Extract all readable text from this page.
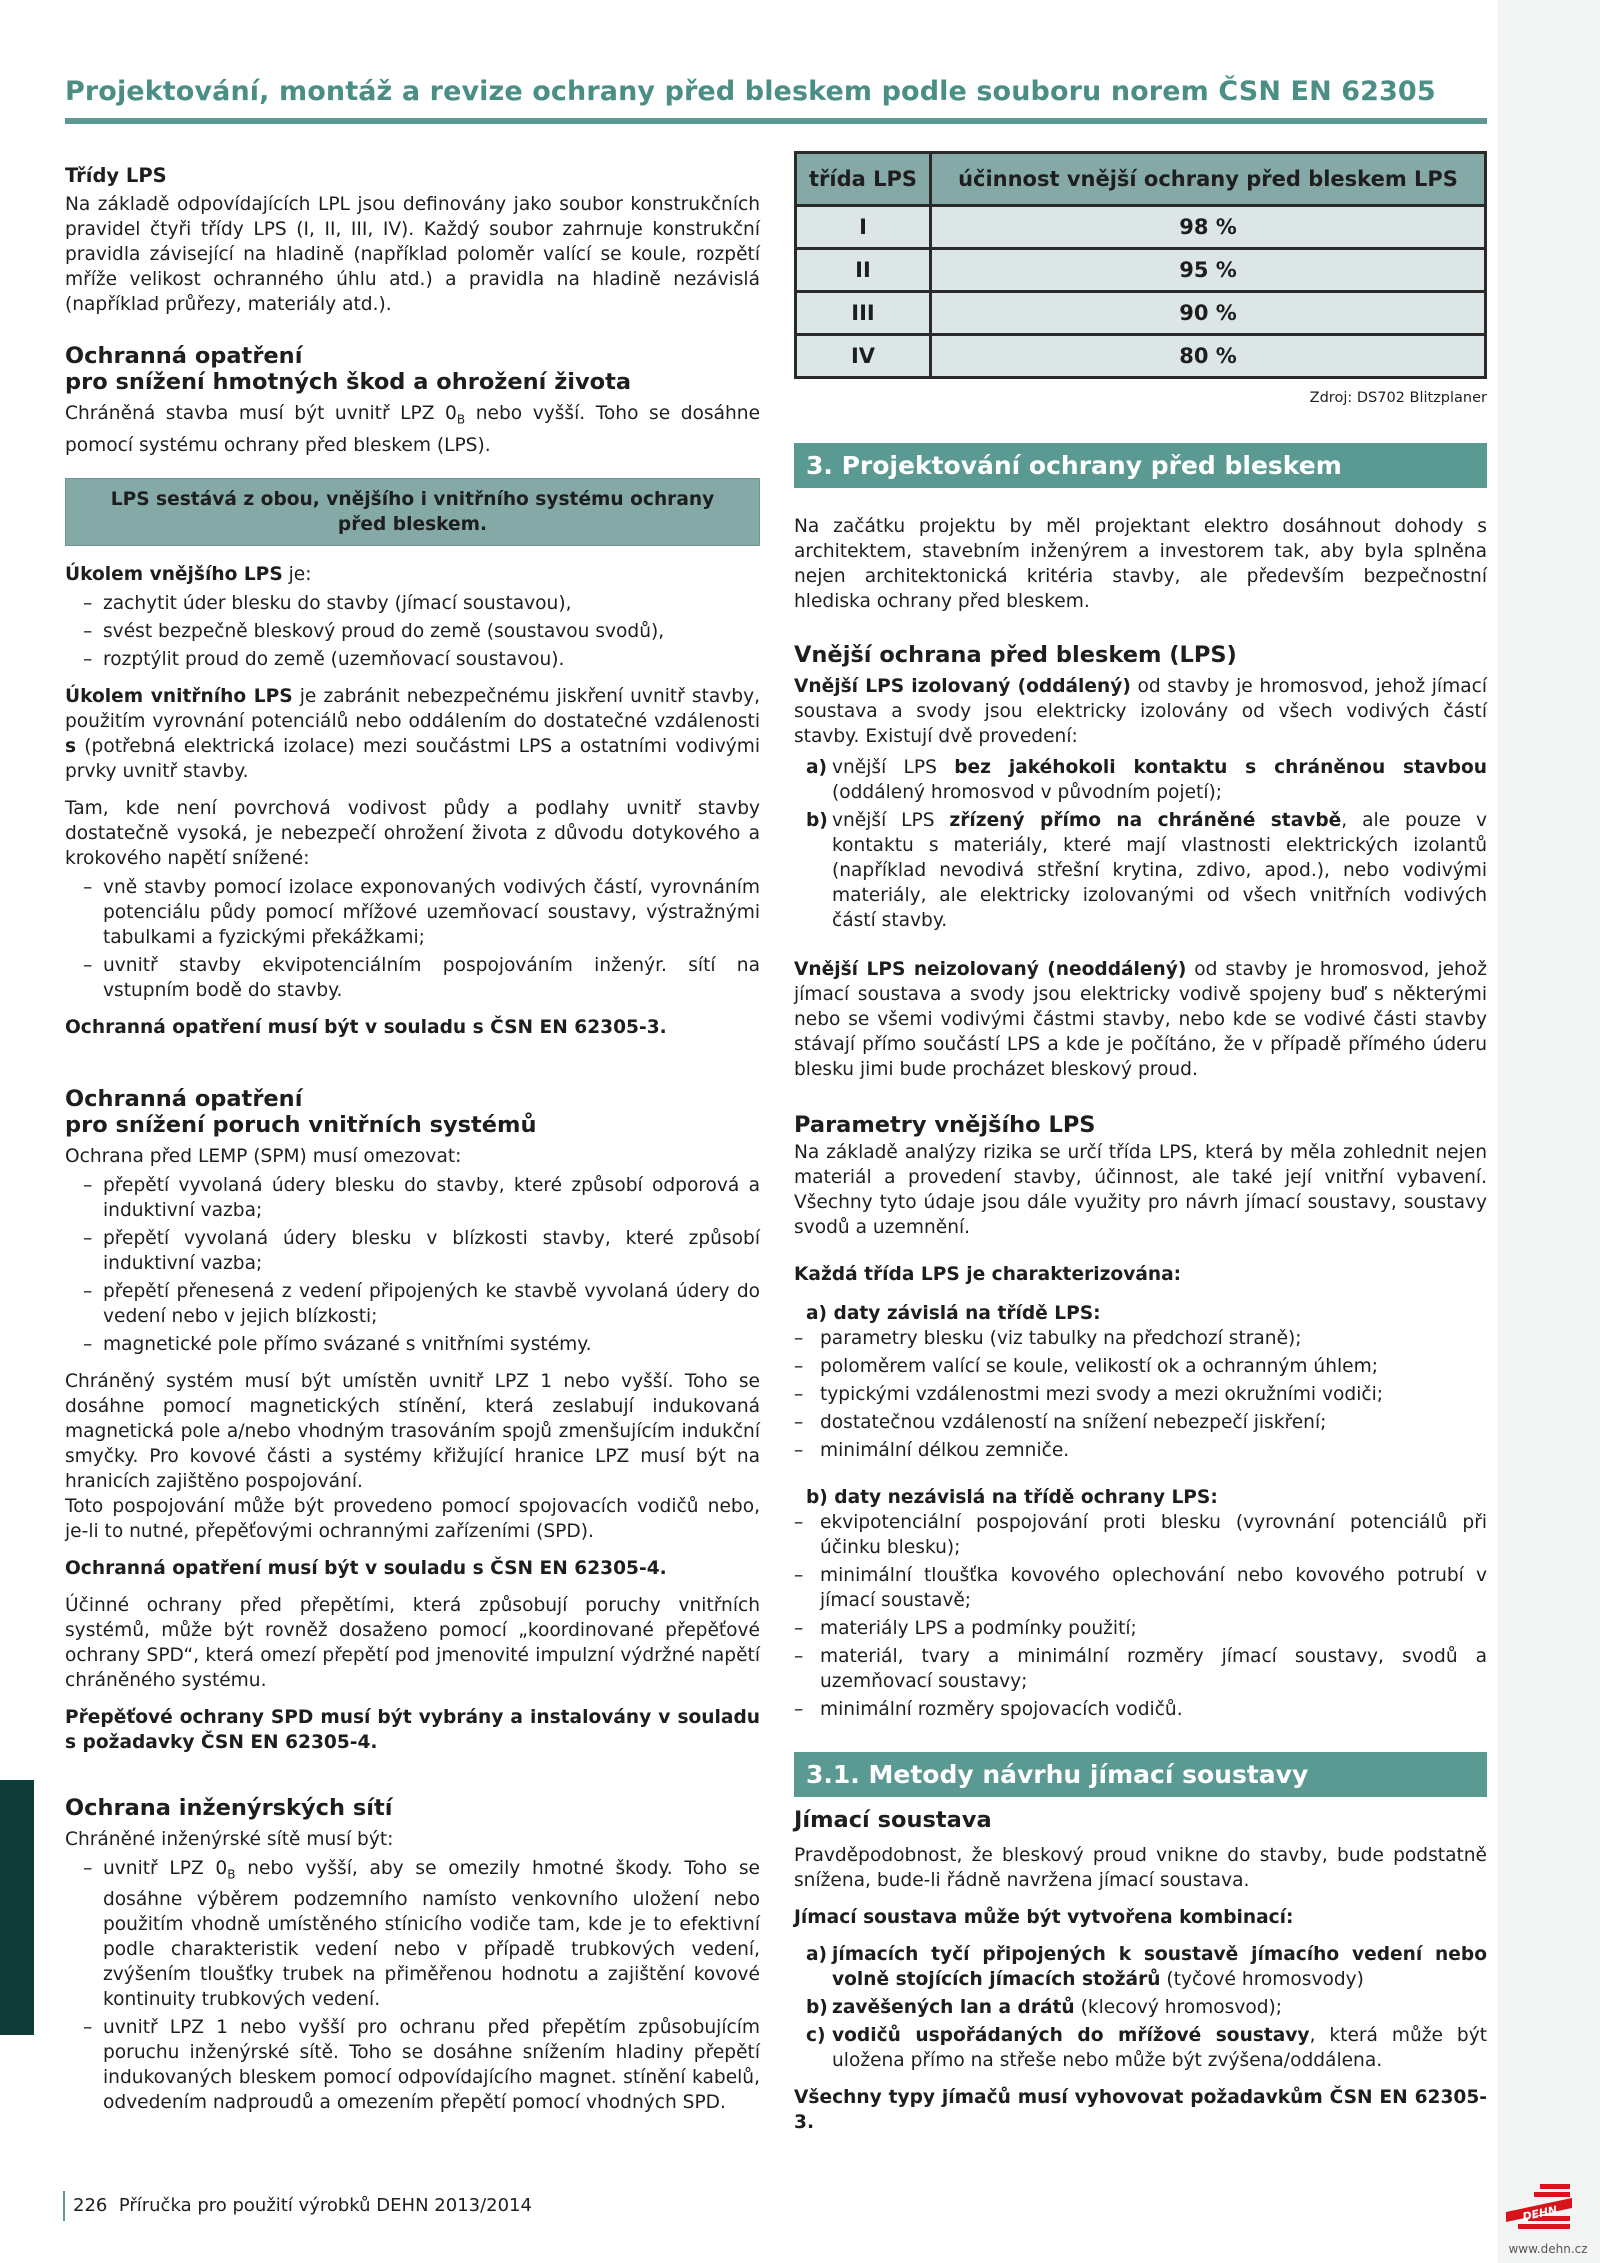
Projektování, montáž a revize ochrany před bleskem podle souboru norem ČSN EN 62305
Třídy LPS

Na základě odpovídajících LPL jsou definovány jako soubor konstrukčních pravidel čtyři třídy LPS (I, II, III, IV). Každý soubor zahrnuje konstrukční pravidla závisející na hladině (například poloměr valící se koule, rozpětí mříže velikost ochranného úhlu atd.) a pravidla na hladině nezávislá (například průřezy, materiály atd.).

Ochranná opatření
pro snížení hmotných škod a ohrožení života

Chráněná stavba musí být uvnitř LPZ $0_B$ nebo vyšší. Toho se dosáhne pomocí systému ochrany před bleskem (LPS).

LPS sestává z obou, vnějšího i vnitřního systému ochrany před bleskem.

Úkolem vnějšího LPS je:

– zachytit úder blesku do stavby (jímací soustavou),
– svést bezpečně bleskový proud do země (soustavou svodů),
– rozptýlit proud do země (uzemňovací soustavou).

Úkolem vnitřního LPS je zabránit nebezpečnému jiskření uvnitř stavby, použitím vyrovnání potenciálů nebo oddálením do dostatečné vzdálenosti s (potřebná elektrická izolace) mezi součástmi LPS a ostatními vodivými prvky uvnitř stavby.

Tam, kde není povrchová vodivost půdy a podlahy uvnitř stavby dostatečně vysoká, je nebezpečí ohrožení života z důvodu dotykového a krokového napětí snížené:

– vně stavby pomocí izolace exponovaných vodivých částí, vyrovnáním potenciálu půdy pomocí mřížové uzemňovací soustavy, výstražnými tabulkami a fyzickými překážkami;
– uvnitř stavby ekvipotenciálním pospojováním inženýr. sítí na vstupním bodě do stavby.

Ochranná opatření musí být v souladu s ČSN EN 62305-3.

Ochranná opatření
pro snížení poruch vnitřních systémů

Ochrana před LEMP (SPM) musí omezovat:

– přepětí vyvolaná údery blesku do stavby, které způsobí odporová a induktivní vazba;
– přepětí vyvolaná údery blesku v blízkosti stavby, které způsobí induktivní vazba;
– přepětí přenesená z vedení připojených ke stavbě vyvolaná údery do vedení nebo v jejich blízkosti;
– magnetické pole přímo svázané s vnitřními systémy.

Chráněný systém musí být umístěn uvnitř LPZ 1 nebo vyšší. Toho se dosáhne pomocí magnetických stínění, která zeslabují indukovaná magnetická pole a/nebo vhodným trasováním spojů zmenšujícím indukční smyčky. Pro kovové části a systémy křižující hranice LPZ musí být na hranicích zajištěno pospojování.

Toto pospojování může být provedeno pomocí spojovacích vodičů nebo, je-li to nutné, přepěťovými ochrannými zařízeními (SPD).

Ochranná opatření musí být v souladu s ČSN EN 62305-4.

Účinné ochrany před přepětími, která způsobují poruchy vnitřních systémů, může být rovněž dosaženo pomocí „koordinované přepěťové ochrany SPD“, která omezí přepětí pod jmenovité impulzní výdržné napětí chráněného systému.

Přepěťové ochrany SPD musí být vybrány a instalovány v souladu s požadavky ČSN EN 62305-4.

Ochrana inženýrských sítí

Chráněné inženýrské sítě musí být:

– uvnitř LPZ $0_B$ nebo vyšší, aby se omezily hmotné škody. Toho se dosáhne výběrem podzemního namísto venkovního uložení nebo použitím vhodně umístěného stínicího vodiče tam, kde je to efektivní podle charakteristik vedení nebo v případě trubkových vedení, zvýšením tloušťky trubek na přiměřenou hodnotu a zajištění kovové kontinuity trubkových vedení.
– uvnitř LPZ 1 nebo vyšší pro ochranu před přepětím způsobujícím poruchu inženýrské sítě. Toho se dosáhne snížením hladiny přepětí indukovaných bleskem pomocí odpovídajícího magnet. stínění kabelů, odvedením nadproudů a omezením přepětí pomocí vhodných SPD.
třída LPS	účinnost vnější ochrany před bleskem LPS
I	98 %
II	95 %
III	90 %
IV	80 %
Zdroj: DS702 Blitzplaner
3. Projektování ochrany před bleskem

Na začátku projektu by měl projektant elektro dosáhnout dohody s architektem, stavebním inženýrem a investorem tak, aby byla splněna nejen architektonická kritéria stavby, ale především bezpečnostní hlediska ochrany před bleskem.

Vnější ochrana před bleskem (LPS)

Vnější LPS izolovaný (oddálený) od stavby je hromosvod, jehož jímací soustava a svody jsou elektricky izolovány od všech vodivých částí stavby. Existují dvě provedení:

a) vnější LPS bez jakéhokoli kontaktu s chráněnou stavbou (oddálený hromosvod v původním pojetí);
b) vnější LPS zřízený přímo na chráněné stavbě, ale pouze v kontaktu s materiály, které mají vlastnosti elektrických izolantů (například nevodivá střešní krytina, zdivo, apod.), nebo vodivými materiály, ale elektricky izolovanými od všech vnitřních vodivých částí stavby.

Vnější LPS neizolovaný (neoddálený) od stavby je hromosvod, jehož jímací soustava a svody jsou elektricky vodivě spojeny buď s některými nebo se všemi vodivými částmi stavby, nebo kde se vodivé části stavby stávají přímo součástí LPS a kde je počítáno, že v případě přímého úderu blesku jimi bude procházet bleskový proud.

Parametry vnějšího LPS

Na základě analýzy rizika se určí třída LPS, která by měla zohlednit nejen materiál a provedení stavby, účinnost, ale také její vnitřní vybavení. Všechny tyto údaje jsou dále využity pro návrh jímací soustavy, soustavy svodů a uzemnění.

Každá třída LPS je charakterizována:

a) daty závislá na třídě LPS:
– parametry blesku (viz tabulky na předchozí straně);
– poloměrem valící se koule, velikostí ok a ochranným úhlem;
– typickými vzdálenostmi mezi svody a mezi okružními vodiči;
– dostatečnou vzdáleností na snížení nebezpečí jiskření;
– minimální délkou zemniče.
b) daty nezávislá na třídě ochrany LPS:
– ekvipotenciální pospojování proti blesku (vyrovnání potenciálů při účinku blesku);
– minimální tloušťka kovového oplechování nebo kovového potrubí v jímací soustavě;
– materiály LPS a podmínky použití;
– materiál, tvary a minimální rozměry jímací soustavy, svodů a uzemňovací soustavy;
– minimální rozměry spojovacích vodičů.
3.1. Metody návrhu jímací soustavy
Jímací soustava

Pravděpodobnost, že bleskový proud vnikne do stavby, bude podstatně snížena, bude-li řádně navržena jímací soustava.

Jímací soustava může být vytvořena kombinací:

a) jímacích tyčí připojených k soustavě jímacího vedení nebo volně stojících jímacích stožárů (tyčové hromosvody)
b) zavěšených lan a drátů (klecový hromosvod);
c) vodičů uspořádaných do mřížové soustavy, která může být uložena přímo na střeše nebo může být zvýšena/oddálena.

Všechny typy jímačů musí vyhovovat požadavkům ČSN EN 62305-3.

226 Příručka pro použití výrobků DEHN 2013/2014	DEHN
www.dehn.cz
